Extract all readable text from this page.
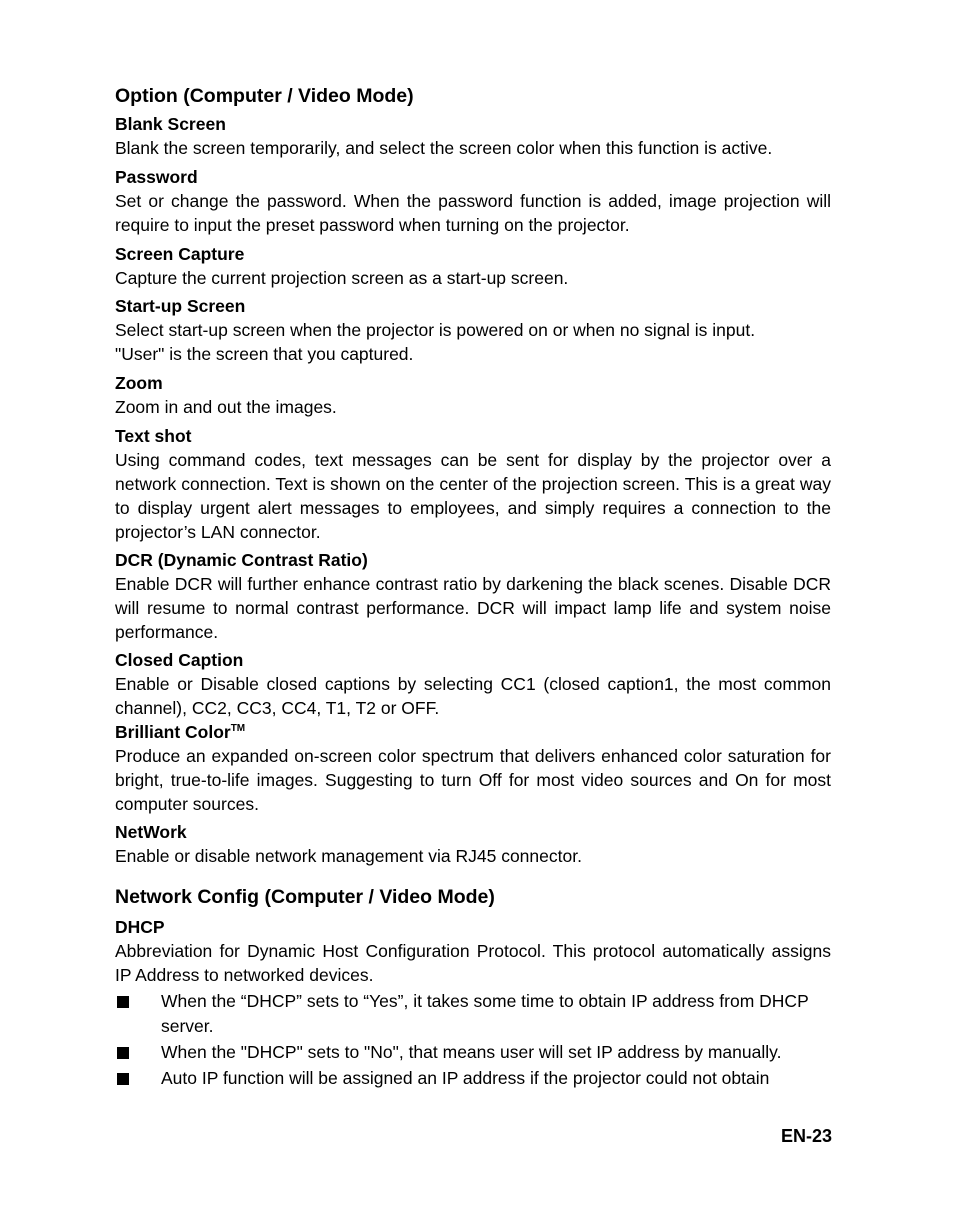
Option (Computer / Video Mode)

Blank Screen

Blank the screen temporarily, and select the screen color when this function is active.

Password

Set or change the password. When the password function is added, image projection will require to input the preset password when turning on the projector.

Screen Capture

Capture the current projection screen as a start-up screen.

Start-up Screen

Select start-up screen when the projector is powered on or when no signal is input.

"User" is the screen that you captured.

Zoom

Zoom in and out the images.

Text shot

Using command codes, text messages can be sent for display by the projector over a network connection. Text is shown on the center of the projection screen. This is a great way to display urgent alert messages to employees, and simply requires a connection to the projector’s LAN connector.

DCR (Dynamic Contrast Ratio)

Enable DCR will further enhance contrast ratio by darkening the black scenes. Disable DCR will resume to normal contrast performance. DCR will impact lamp life and system noise performance.

Closed Caption

Enable or Disable closed captions by selecting CC1 (closed caption1, the most common channel), CC2, CC3, CC4, T1, T2 or OFF.

Brilliant Color™

Produce an expanded on-screen color spectrum that delivers enhanced color saturation for bright, true-to-life images. Suggesting to turn Off for most video sources and On for most computer sources.

NetWork

Enable or disable network management via RJ45 connector.

Network Config (Computer / Video Mode)

DHCP

Abbreviation for Dynamic Host Configuration Protocol. This protocol automatically assigns IP Address to networked devices.

When the “DHCP” sets to “Yes”, it takes some time to obtain IP address from DHCP server.
When the "DHCP" sets to "No", that means user will set IP address by manually.
Auto IP function will be assigned an IP address if the projector could not obtain
EN-23
